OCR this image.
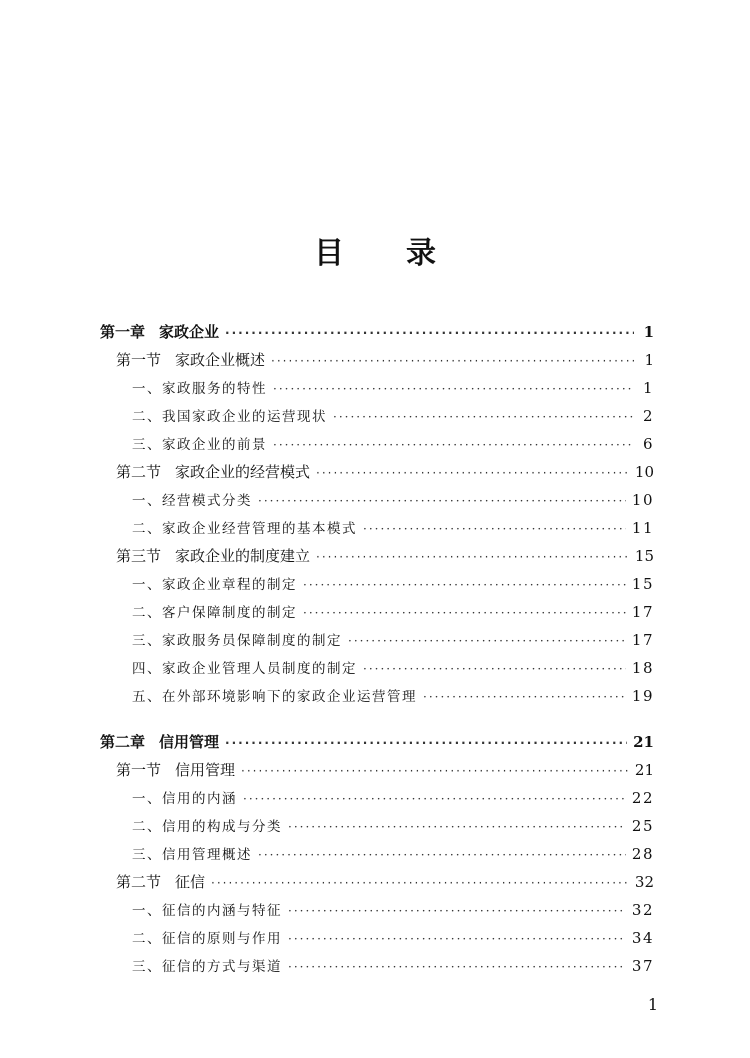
目 录
第一章 家政企业 ·····	1
第一节 家政企业概述 ·····	1
一、家政服务的特性 ·····	1
二、我国家政企业的运营现状 ·····	2
三、家政企业的前景 ·····	6
第二节 家政企业的经营模式 ·····	10
一、经营模式分类 ·····	10
二、家政企业经营管理的基本模式 ·····	11
第三节 家政企业的制度建立 ·····	15
一、家政企业章程的制定 ·····	15
二、客户保障制度的制定 ·····	17
三、家政服务员保障制度的制定 ·····	17
四、家政企业管理人员制度的制定 ·····	18
五、在外部环境影响下的家政企业运营管理 ·····	19
第二章 信用管理 ·····	21
第一节 信用管理 ·····	21
一、信用的内涵 ·····	22
二、信用的构成与分类 ·····	25
三、信用管理概述 ·····	28
第二节 征信 ·····	32
一、征信的内涵与特征 ·····	32
二、征信的原则与作用 ·····	34
三、征信的方式与渠道 ·····	37
1
